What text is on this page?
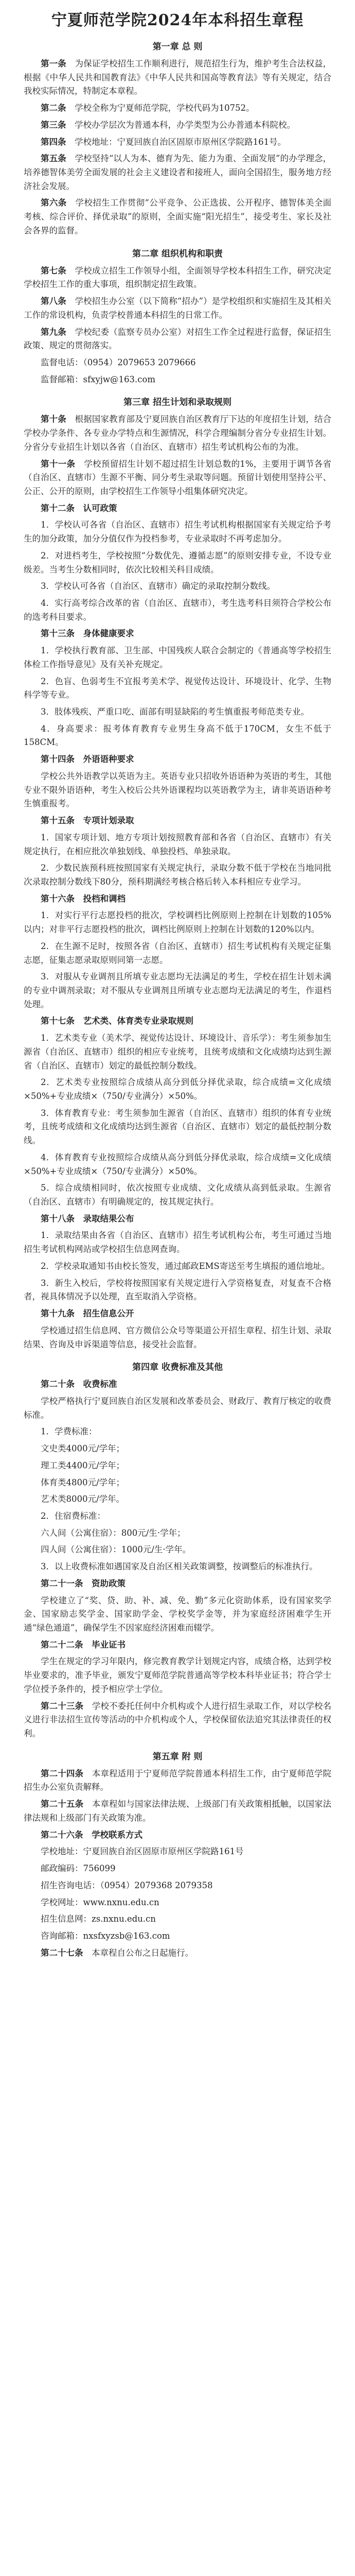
宁夏师范学院2024年本科招生章程
第一章 总 则

第一条　 为保证学校招生工作顺利进行，规范招生行为，维护考生合法权益，根据《中华人民共和国教育法》《中华人民共和国高等教育法》等有关规定，结合我校实际情况，特制定本章程。

第二条　 学校全称为宁夏师范学院，学校代码为10752。

第三条　 学校办学层次为普通本科，办学类型为公办普通本科院校。

第四条　 学校地址：宁夏回族自治区固原市原州区学院路161号。

第五条　 学校坚持“以人为本、德育为先、能力为重、全面发展”的办学理念，培养德智体美劳全面发展的社会主义建设者和接班人，面向全国招生，服务地方经济社会发展。

第六条　 学校招生工作贯彻“公平竞争、公正选拔、公开程序、德智体美全面考核、综合评价、择优录取”的原则，全面实施“阳光招生”，接受考生、家长及社会各界的监督。

第二章 组织机构和职责

第七条　 学校成立招生工作领导小组，全面领导学校本科招生工作，研究决定学校招生工作的重大事项，组织制定招生政策。

第八条　 学校招生办公室（以下简称“招办”）是学校组织和实施招生及其相关工作的常设机构，负责学校普通本科招生的日常工作。

第九条　 学校纪委（监察专员办公室）对招生工作全过程进行监督，保证招生政策、规定的贯彻落实。

监督电话：（0954）2079653 2079666

监督邮箱：sfxyjw@163.com

第三章 招生计划和录取规则

第十条　 根据国家教育部及宁夏回族自治区教育厅下达的年度招生计划，结合学校办学条件、各专业办学特点和生源情况，科学合理编制分省分专业招生计划。分省分专业招生计划以各省（自治区、直辖市）招生考试机构公布的为准。

第十一条　 学校预留招生计划不超过招生计划总数的1%，主要用于调节各省（自治区、直辖市）生源不平衡、同分考生录取等问题。预留计划使用坚持公平、公正、公开的原则，由学校招生工作领导小组集体研究决定。

第十二条　 认可政策

1．学校认可各省（自治区、直辖市）招生考试机构根据国家有关规定给予考生的加分政策，加分分值仅作为投档参考，专业录取时不再考虑加分。

2．对进档考生，学校按照“分数优先、遵循志愿”的原则安排专业，不设专业级差。当考生分数相同时，依次比较相关科目成绩。

3．学校认可各省（自治区、直辖市）确定的录取控制分数线。

4．实行高考综合改革的省（自治区、直辖市），考生选考科目须符合学校公布的选考科目要求。

第十三条　 身体健康要求

1．学校执行教育部、卫生部、中国残疾人联合会制定的《普通高等学校招生体检工作指导意见》及有关补充规定。

2．色盲、色弱考生不宜报考美术学、视觉传达设计、环境设计、化学、生物科学等专业。

3．肢体残疾、严重口吃、面部有明显缺陷的考生慎重报考师范类专业。

4．身高要求：报考体育教育专业男生身高不低于170CM，女生不低于158CM。

第十四条　 外语语种要求

学校公共外语教学以英语为主。英语专业只招收外语语种为英语的考生，其他专业不限外语语种，考生入校后公共外语课程均以英语教学为主，请非英语语种考生慎重报考。

第十五条　 专项计划录取

1．国家专项计划、地方专项计划按照教育部和各省（自治区、直辖市）有关规定执行，在相应批次单独划线、单独投档、单独录取。

2．少数民族预科班按照国家有关规定执行，录取分数不低于学校在当地同批次录取控制分数线下80分，预科期满经考核合格后转入本科相应专业学习。

第十六条　 投档和调档

1．对实行平行志愿投档的批次，学校调档比例原则上控制在计划数的105%以内；对非平行志愿投档的批次，调档比例原则上控制在计划数的120%以内。

2．在生源不足时，按照各省（自治区、直辖市）招生考试机构有关规定征集志愿，征集志愿录取原则同第一志愿。

3．对服从专业调剂且所填专业志愿均无法满足的考生，学校在招生计划未满的专业中调剂录取；对不服从专业调剂且所填专业志愿均无法满足的考生，作退档处理。

第十七条　 艺术类、体育类专业录取规则

1．艺术类专业（美术学、视觉传达设计、环境设计、音乐学）：考生须参加生源省（自治区、直辖市）组织的相应专业统考，且统考成绩和文化成绩均达到生源省（自治区、直辖市）划定的最低控制分数线。

2．艺术类专业按照综合成绩从高分到低分择优录取，综合成绩=文化成绩×50%+专业成绩×（750/专业满分）×50%。

3．体育教育专业：考生须参加生源省（自治区、直辖市）组织的体育专业统考，且统考成绩和文化成绩均达到生源省（自治区、直辖市）划定的最低控制分数线。

4．体育教育专业按照综合成绩从高分到低分择优录取，综合成绩=文化成绩×50%+专业成绩×（750/专业满分）×50%。

5．综合成绩相同时，依次按照专业成绩、文化成绩从高到低录取。生源省（自治区、直辖市）有明确规定的，按其规定执行。

第十八条　 录取结果公布

1．录取结果由各省（自治区、直辖市）招生考试机构公布，考生可通过当地招生考试机构网站或学校招生信息网查询。

2．学校录取通知书由校长签发，通过邮政EMS寄送至考生填报的通信地址。

3．新生入校后，学校将按照国家有关规定进行入学资格复查，对复查不合格者，视具体情况予以处理，直至取消入学资格。

第十九条　 招生信息公开

学校通过招生信息网、官方微信公众号等渠道公开招生章程、招生计划、录取结果、咨询及申诉渠道等信息，接受社会监督。

第四章 收费标准及其他

第二十条　 收费标准

学校严格执行宁夏回族自治区发展和改革委员会、财政厅、教育厅核定的收费标准。

1．学费标准：

文史类4000元/学年；

理工类4400元/学年；

体育类4800元/学年；

艺术类8000元/学年。

2．住宿费标准：

六人间（公寓住宿）：800元/生·学年；

四人间（公寓住宿）：1000元/生·学年。

3．以上收费标准如遇国家及自治区相关政策调整，按调整后的标准执行。

第二十一条　 资助政策

学校建立了“奖、贷、助、补、减、免、勤”多元化资助体系，设有国家奖学金、国家励志奖学金、国家助学金、学校奖学金等，并为家庭经济困难学生开通“绿色通道”，确保学生不因家庭经济困难而辍学。

第二十二条　 毕业证书

学生在规定的学习年限内，修完教育教学计划规定内容，成绩合格，达到学校毕业要求的，准予毕业，颁发宁夏师范学院普通高等学校本科毕业证书；符合学士学位授予条件的，授予相应学士学位。

第二十三条　 学校不委托任何中介机构或个人进行招生录取工作，对以学校名义进行非法招生宣传等活动的中介机构或个人，学校保留依法追究其法律责任的权利。

第五章 附 则

第二十四条　 本章程适用于宁夏师范学院普通本科招生工作，由宁夏师范学院招生办公室负责解释。

第二十五条　 本章程如与国家法律法规、上级部门有关政策相抵触，以国家法律法规和上级部门有关政策为准。

第二十六条　 学校联系方式

学校地址：宁夏回族自治区固原市原州区学院路161号

邮政编码：756099

招生咨询电话：（0954）2079368 2079358

学校网址：www.nxnu.edu.cn

招生信息网：zs.nxnu.edu.cn

咨询邮箱：nxsfxyzsb@163.com

第二十七条　 本章程自公布之日起施行。
